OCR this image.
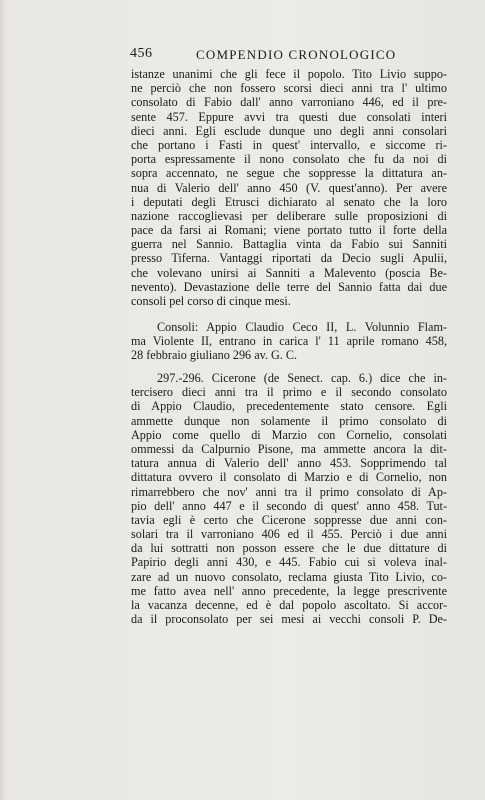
456	COMPENDIO CRONOLOGICO
istanze unanimi che gli fece il popolo. Tito Livio suppo-
ne perciò che non fossero scorsi dieci anni tra l' ultimo
consolato di Fabio dall' anno varroniano 446, ed il pre-
sente 457. Eppure avvi tra questi due consolati interi
dieci anni. Egli esclude dunque uno degli anni consolari
che portano i Fasti in quest' intervallo, e siccome ri-
porta espressamente il nono consolato che fu da noi di
sopra accennato, ne segue che soppresse la dittatura an-
nua di Valerio dell' anno 450 (V. quest'anno). Per avere
i deputati degli Etrusci dichiarato al senato che la loro
nazione raccoglievasi per deliberare sulle proposizioni di
pace da farsi ai Romani; viene portato tutto il forte della
guerra nel Sannio. Battaglia vinta da Fabio sui Sanniti
presso Tiferna. Vantaggi riportati da Decio sugli Apulii,
che volevano unirsi ai Sanniti a Malevento (poscia Be-
nevento). Devastazione delle terre del Sannio fatta dai due
consoli pel corso di cinque mesi.
Consoli: Appio Claudio Ceco II, L. Volunnio Flam-
ma Violente II, entrano in carica l' 11 aprile romano 458,
28 febbraio giuliano 296 av. G. C.
297.-296. Cicerone (de Senect. cap. 6.) dice che in-
tercisero dieci anni tra il primo e il secondo consolato
di Appio Claudio, precedentemente stato censore. Egli
ammette dunque non solamente il primo consolato di
Appio come quello di Marzio con Cornelio, consolati
ommessi da Calpurnio Pisone, ma ammette ancora la dit-
tatura annua di Valerio dell' anno 453. Sopprimendo tal
dittatura ovvero il consolato di Marzio e di Cornelio, non
rimarrebbero che nov' anni tra il primo consolato di Ap-
pio dell' anno 447 e il secondo di quest' anno 458. Tut-
tavia egli è certo che Cicerone soppresse due anni con-
solari tra il varroniano 406 ed il 455. Perciò i due anni
da lui sottratti non posson essere che le due dittature di
Papirio degli anni 430, e 445. Fabio cui si voleva inal-
zare ad un nuovo consolato, reclama giusta Tito Livio, co-
me fatto avea nell' anno precedente, la legge prescrivente
la vacanza decenne, ed è dal popolo ascoltato. Si accor-
da il proconsolato per sei mesi ai vecchi consoli P. De-
